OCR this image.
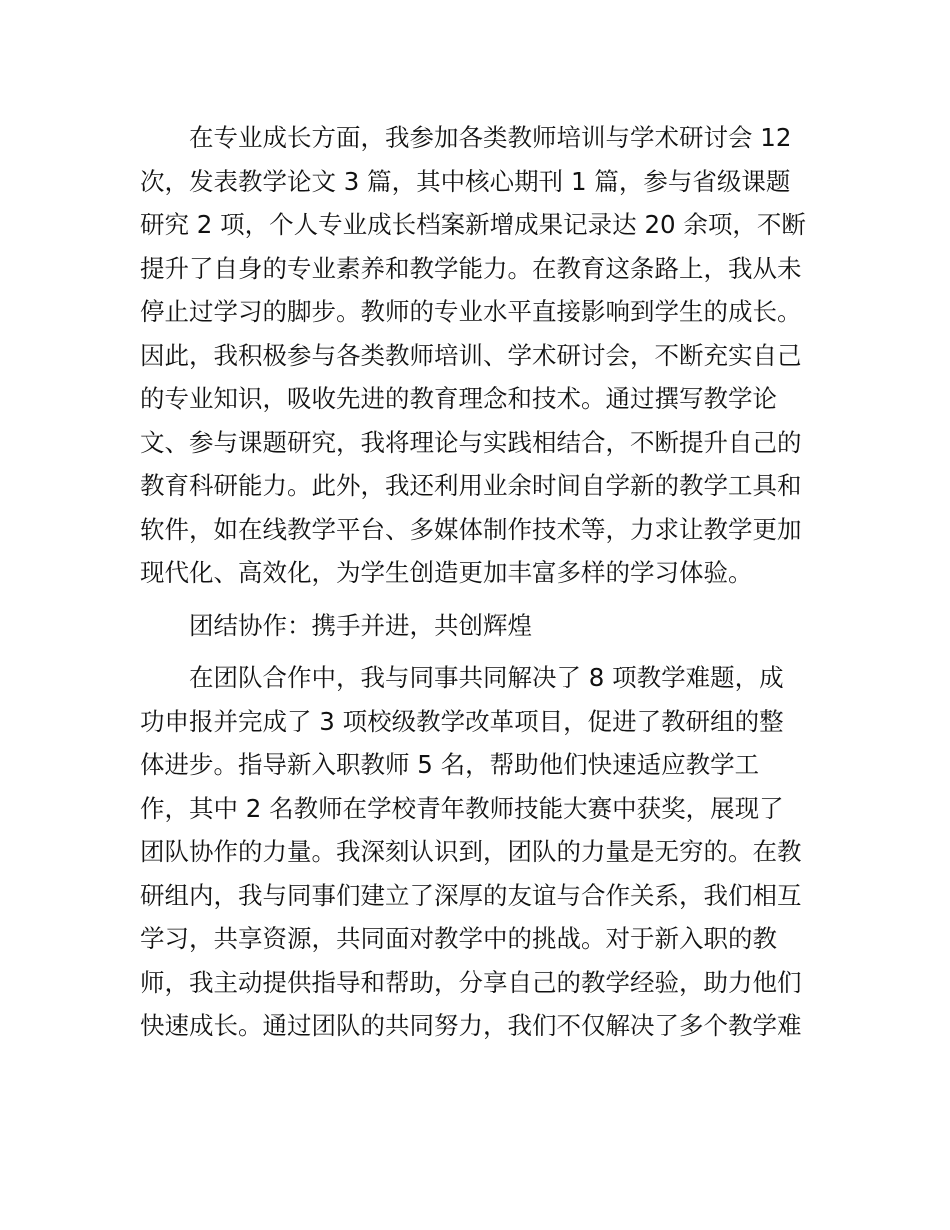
在专业成长方面，我参加各类教师培训与学术研讨会 12
次，发表教学论文 3 篇，其中核心期刊 1 篇，参与省级课题
研究 2 项，个人专业成长档案新增成果记录达 20 余项，不断
提升了自身的专业素养和教学能力。在教育这条路上，我从未
停止过学习的脚步。教师的专业水平直接影响到学生的成长。
因此，我积极参与各类教师培训、学术研讨会，不断充实自己
的专业知识，吸收先进的教育理念和技术。通过撰写教学论
文、参与课题研究，我将理论与实践相结合，不断提升自己的
教育科研能力。此外，我还利用业余时间自学新的教学工具和
软件，如在线教学平台、多媒体制作技术等，力求让教学更加
现代化、高效化，为学生创造更加丰富多样的学习体验。
团结协作：携手并进，共创辉煌
在团队合作中，我与同事共同解决了 8 项教学难题，成
功申报并完成了 3 项校级教学改革项目，促进了教研组的整
体进步。指导新入职教师 5 名，帮助他们快速适应教学工
作，其中 2 名教师在学校青年教师技能大赛中获奖，展现了
团队协作的力量。我深刻认识到，团队的力量是无穷的。在教
研组内，我与同事们建立了深厚的友谊与合作关系，我们相互
学习，共享资源，共同面对教学中的挑战。对于新入职的教
师，我主动提供指导和帮助，分享自己的教学经验，助力他们
快速成长。通过团队的共同努力，我们不仅解决了多个教学难
